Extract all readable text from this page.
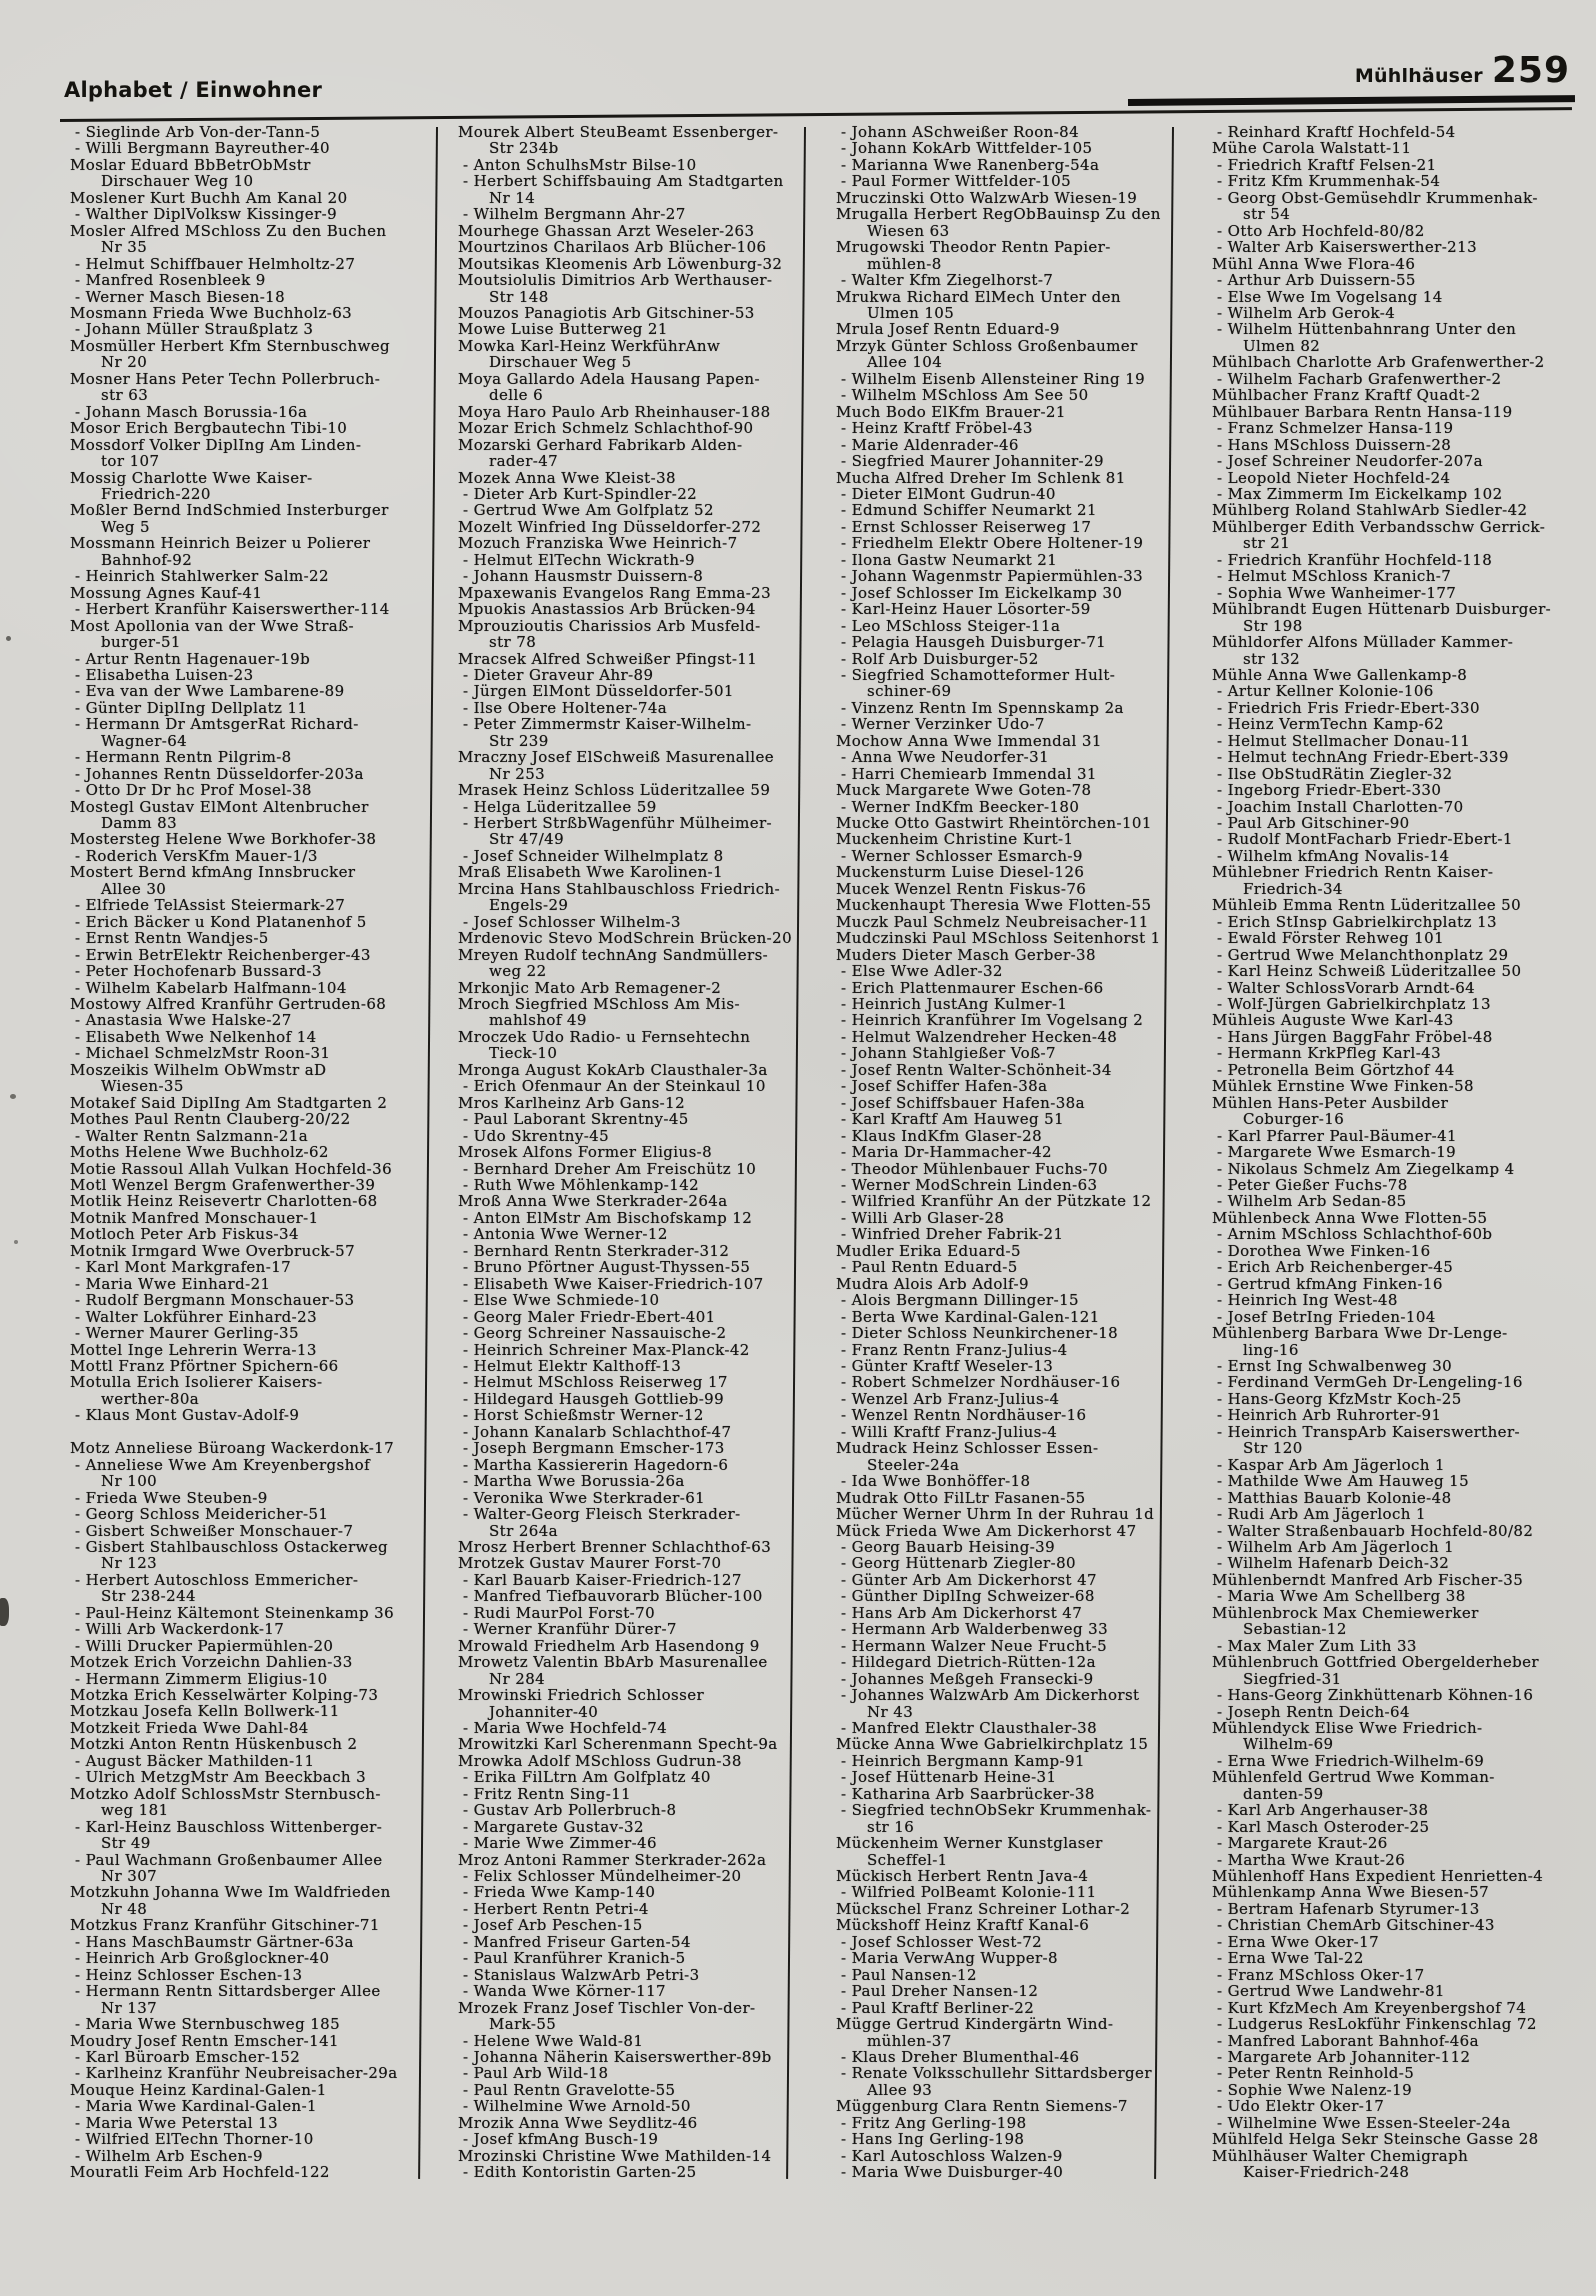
Alphabet / Einwohner
Mühlhäuser 259
- Sieglinde Arb Von-der-Tann-5
- Willi Bergmann Bayreuther-40
Moslar Eduard BbBetrObMstr
Dirschauer Weg 10
Moslener Kurt Buchh Am Kanal 20
- Walther DiplVolksw Kissinger-9
Mosler Alfred MSchloss Zu den Buchen
Nr 35
- Helmut Schiffbauer Helmholtz-27
- Manfred Rosenbleek 9
- Werner Masch Biesen-18
Mosmann Frieda Wwe Buchholz-63
- Johann Müller Straußplatz 3
Mosmüller Herbert Kfm Sternbuschweg
Nr 20
Mosner Hans Peter Techn Pollerbruch-
str 63
- Johann Masch Borussia-16a
Mosor Erich Bergbautechn Tibi-10
Mossdorf Volker DiplIng Am Linden-
tor 107
Mossig Charlotte Wwe Kaiser-
Friedrich-220
Moßler Bernd IndSchmied Insterburger
Weg 5
Mossmann Heinrich Beizer u Polierer
Bahnhof-92
- Heinrich Stahlwerker Salm-22
Mossung Agnes Kauf-41
- Herbert Kranführ Kaiserswerther-114
Most Apollonia van der Wwe Straß-
burger-51
- Artur Rentn Hagenauer-19b
- Elisabetha Luisen-23
- Eva van der Wwe Lambarene-89
- Günter DiplIng Dellplatz 11
- Hermann Dr AmtsgerRat Richard-
Wagner-64
- Hermann Rentn Pilgrim-8
- Johannes Rentn Düsseldorfer-203a
- Otto Dr Dr hc Prof Mosel-38
Mostegl Gustav ElMont Altenbrucher
Damm 83
Mostersteg Helene Wwe Borkhofer-38
- Roderich VersKfm Mauer-1/3
Mostert Bernd kfmAng Innsbrucker
Allee 30
- Elfriede TelAssist Steiermark-27
- Erich Bäcker u Kond Platanenhof 5
- Ernst Rentn Wandjes-5
- Erwin BetrElektr Reichenberger-43
- Peter Hochofenarb Bussard-3
- Wilhelm Kabelarb Halfmann-104
Mostowy Alfred Kranführ Gertruden-68
- Anastasia Wwe Halske-27
- Elisabeth Wwe Nelkenhof 14
- Michael SchmelzMstr Roon-31
Moszeikis Wilhelm ObWmstr aD
Wiesen-35
Motakef Said DiplIng Am Stadtgarten 2
Mothes Paul Rentn Clauberg-20/22
- Walter Rentn Salzmann-21a
Moths Helene Wwe Buchholz-62
Motie Rassoul Allah Vulkan Hochfeld-36
Motl Wenzel Bergm Grafenwerther-39
Motlik Heinz Reisevertr Charlotten-68
Motnik Manfred Monschauer-1
Motloch Peter Arb Fiskus-34
Motnik Irmgard Wwe Overbruck-57
- Karl Mont Markgrafen-17
- Maria Wwe Einhard-21
- Rudolf Bergmann Monschauer-53
- Walter Lokführer Einhard-23
- Werner Maurer Gerling-35
Mottel Inge Lehrerin Werra-13
Mottl Franz Pförtner Spichern-66
Motulla Erich Isolierer Kaisers-
werther-80a
- Klaus Mont Gustav-Adolf-9
Motz Anneliese Büroang Wackerdonk-17
- Anneliese Wwe Am Kreyenbergshof
Nr 100
- Frieda Wwe Steuben-9
- Georg Schloss Meidericher-51
- Gisbert Schweißer Monschauer-7
- Gisbert Stahlbauschloss Ostackerweg
Nr 123
- Herbert Autoschloss Emmericher-
Str 238-244
- Paul-Heinz Kältemont Steinenkamp 36
- Willi Arb Wackerdonk-17
- Willi Drucker Papiermühlen-20
Motzek Erich Vorzeichn Dahlien-33
- Hermann Zimmerm Eligius-10
Motzka Erich Kesselwärter Kolping-73
Motzkau Josefa Kelln Bollwerk-11
Motzkeit Frieda Wwe Dahl-84
Motzki Anton Rentn Hüskenbusch 2
- August Bäcker Mathilden-11
- Ulrich MetzgMstr Am Beeckbach 3
Motzko Adolf SchlossMstr Sternbusch-
weg 181
- Karl-Heinz Bauschloss Wittenberger-
Str 49
- Paul Wachmann Großenbaumer Allee
Nr 307
Motzkuhn Johanna Wwe Im Waldfrieden
Nr 48
Motzkus Franz Kranführ Gitschiner-71
- Hans MaschBaumstr Gärtner-63a
- Heinrich Arb Großglockner-40
- Heinz Schlosser Eschen-13
- Hermann Rentn Sittardsberger Allee
Nr 137
- Maria Wwe Sternbuschweg 185
Moudry Josef Rentn Emscher-141
- Karl Büroarb Emscher-152
- Karlheinz Kranführ Neubreisacher-29a
Mouque Heinz Kardinal-Galen-1
- Maria Wwe Kardinal-Galen-1
- Maria Wwe Peterstal 13
- Wilfried ElTechn Thorner-10
- Wilhelm Arb Eschen-9
Mouratli Feim Arb Hochfeld-122
Mourek Albert SteuBeamt Essenberger-
Str 234b
- Anton SchulhsMstr Bilse-10
- Herbert Schiffsbauing Am Stadtgarten
Nr 14
- Wilhelm Bergmann Ahr-27
Mourhege Ghassan Arzt Weseler-263
Mourtzinos Charilaos Arb Blücher-106
Moutsikas Kleomenis Arb Löwenburg-32
Moutsiolulis Dimitrios Arb Werthauser-
Str 148
Mouzos Panagiotis Arb Gitschiner-53
Mowe Luise Butterweg 21
Mowka Karl-Heinz WerkführAnw
Dirschauer Weg 5
Moya Gallardo Adela Hausang Papen-
delle 6
Moya Haro Paulo Arb Rheinhauser-188
Mozar Erich Schmelz Schlachthof-90
Mozarski Gerhard Fabrikarb Alden-
rader-47
Mozek Anna Wwe Kleist-38
- Dieter Arb Kurt-Spindler-22
- Gertrud Wwe Am Golfplatz 52
Mozelt Winfried Ing Düsseldorfer-272
Mozuch Franziska Wwe Heinrich-7
- Helmut ElTechn Wickrath-9
- Johann Hausmstr Duissern-8
Mpaxewanis Evangelos Rang Emma-23
Mpuokis Anastassios Arb Brücken-94
Mprouzioutis Charissios Arb Musfeld-
str 78
Mracsek Alfred Schweißer Pfingst-11
- Dieter Graveur Ahr-89
- Jürgen ElMont Düsseldorfer-501
- Ilse Obere Holtener-74a
- Peter Zimmermstr Kaiser-Wilhelm-
Str 239
Mraczny Josef ElSchweiß Masurenallee
Nr 253
Mrasek Heinz Schloss Lüderitzallee 59
- Helga Lüderitzallee 59
- Herbert StrßbWagenführ Mülheimer-
Str 47/49
- Josef Schneider Wilhelmplatz 8
Mraß Elisabeth Wwe Karolinen-1
Mrcina Hans Stahlbauschloss Friedrich-
Engels-29
- Josef Schlosser Wilhelm-3
Mrdenovic Stevo ModSchrein Brücken-20
Mreyen Rudolf technAng Sandmüllers-
weg 22
Mrkonjic Mato Arb Remagener-2
Mroch Siegfried MSchloss Am Mis-
mahlshof 49
Mroczek Udo Radio- u Fernsehtechn
Tieck-10
Mronga August KokArb Clausthaler-3a
- Erich Ofenmaur An der Steinkaul 10
Mros Karlheinz Arb Gans-12
- Paul Laborant Skrentny-45
- Udo Skrentny-45
Mrosek Alfons Former Eligius-8
- Bernhard Dreher Am Freischütz 10
- Ruth Wwe Möhlenkamp-142
Mroß Anna Wwe Sterkrader-264a
- Anton ElMstr Am Bischofskamp 12
- Antonia Wwe Werner-12
- Bernhard Rentn Sterkrader-312
- Bruno Pförtner August-Thyssen-55
- Elisabeth Wwe Kaiser-Friedrich-107
- Else Wwe Schmiede-10
- Georg Maler Friedr-Ebert-401
- Georg Schreiner Nassauische-2
- Heinrich Schreiner Max-Planck-42
- Helmut Elektr Kalthoff-13
- Helmut MSchloss Reiserweg 17
- Hildegard Hausgeh Gottlieb-99
- Horst Schießmstr Werner-12
- Johann Kanalarb Schlachthof-47
- Joseph Bergmann Emscher-173
- Martha Kassiererin Hagedorn-6
- Martha Wwe Borussia-26a
- Veronika Wwe Sterkrader-61
- Walter-Georg Fleisch Sterkrader-
Str 264a
Mrosz Herbert Brenner Schlachthof-63
Mrotzek Gustav Maurer Forst-70
- Karl Bauarb Kaiser-Friedrich-127
- Manfred Tiefbauvorarb Blücher-100
- Rudi MaurPol Forst-70
- Werner Kranführ Dürer-7
Mrowald Friedhelm Arb Hasendong 9
Mrowetz Valentin BbArb Masurenallee
Nr 284
Mrowinski Friedrich Schlosser
Johanniter-40
- Maria Wwe Hochfeld-74
Mrowitzki Karl Scherenmann Specht-9a
Mrowka Adolf MSchloss Gudrun-38
- Erika FilLtrn Am Golfplatz 40
- Fritz Rentn Sing-11
- Gustav Arb Pollerbruch-8
- Margarete Gustav-32
- Marie Wwe Zimmer-46
Mroz Antoni Rammer Sterkrader-262a
- Felix Schlosser Mündelheimer-20
- Frieda Wwe Kamp-140
- Herbert Rentn Petri-4
- Josef Arb Peschen-15
- Manfred Friseur Garten-54
- Paul Kranführer Kranich-5
- Stanislaus WalzwArb Petri-3
- Wanda Wwe Körner-117
Mrozek Franz Josef Tischler Von-der-
Mark-55
- Helene Wwe Wald-81
- Johanna Näherin Kaiserswerther-89b
- Paul Arb Wild-18
- Paul Rentn Gravelotte-55
- Wilhelmine Wwe Arnold-50
Mrozik Anna Wwe Seydlitz-46
- Josef kfmAng Busch-19
Mrozinski Christine Wwe Mathilden-14
- Edith Kontoristin Garten-25
- Johann ASchweißer Roon-84
- Johann KokArb Wittfelder-105
- Marianna Wwe Ranenberg-54a
- Paul Former Wittfelder-105
Mruczinski Otto WalzwArb Wiesen-19
Mrugalla Herbert RegObBauinsp Zu den
Wiesen 63
Mrugowski Theodor Rentn Papier-
mühlen-8
- Walter Kfm Ziegelhorst-7
Mrukwa Richard ElMech Unter den
Ulmen 105
Mrula Josef Rentn Eduard-9
Mrzyk Günter Schloss Großenbaumer
Allee 104
- Wilhelm Eisenb Allensteiner Ring 19
- Wilhelm MSchloss Am See 50
Much Bodo ElKfm Brauer-21
- Heinz Kraftf Fröbel-43
- Marie Aldenrader-46
- Siegfried Maurer Johanniter-29
Mucha Alfred Dreher Im Schlenk 81
- Dieter ElMont Gudrun-40
- Edmund Schiffer Neumarkt 21
- Ernst Schlosser Reiserweg 17
- Friedhelm Elektr Obere Holtener-19
- Ilona Gastw Neumarkt 21
- Johann Wagenmstr Papiermühlen-33
- Josef Schlosser Im Eickelkamp 30
- Karl-Heinz Hauer Lösorter-59
- Leo MSchloss Steiger-11a
- Pelagia Hausgeh Duisburger-71
- Rolf Arb Duisburger-52
- Siegfried Schamotteformer Hult-
schiner-69
- Vinzenz Rentn Im Spennskamp 2a
- Werner Verzinker Udo-7
Mochow Anna Wwe Immendal 31
- Anna Wwe Neudorfer-31
- Harri Chemiearb Immendal 31
Muck Margarete Wwe Goten-78
- Werner IndKfm Beecker-180
Mucke Otto Gastwirt Rheintörchen-101
Muckenheim Christine Kurt-1
- Werner Schlosser Esmarch-9
Muckensturm Luise Diesel-126
Mucek Wenzel Rentn Fiskus-76
Muckenhaupt Theresia Wwe Flotten-55
Muczk Paul Schmelz Neubreisacher-11
Mudczinski Paul MSchloss Seitenhorst 1
Muders Dieter Masch Gerber-38
- Else Wwe Adler-32
- Erich Plattenmaurer Eschen-66
- Heinrich JustAng Kulmer-1
- Heinrich Kranführer Im Vogelsang 2
- Helmut Walzendreher Hecken-48
- Johann Stahlgießer Voß-7
- Josef Rentn Walter-Schönheit-34
- Josef Schiffer Hafen-38a
- Josef Schiffsbauer Hafen-38a
- Karl Kraftf Am Hauweg 51
- Klaus IndKfm Glaser-28
- Maria Dr-Hammacher-42
- Theodor Mühlenbauer Fuchs-70
- Werner ModSchrein Linden-63
- Wilfried Kranführ An der Pützkate 12
- Willi Arb Glaser-28
- Winfried Dreher Fabrik-21
Mudler Erika Eduard-5
- Paul Rentn Eduard-5
Mudra Alois Arb Adolf-9
- Alois Bergmann Dillinger-15
- Berta Wwe Kardinal-Galen-121
- Dieter Schloss Neunkirchener-18
- Franz Rentn Franz-Julius-4
- Günter Kraftf Weseler-13
- Robert Schmelzer Nordhäuser-16
- Wenzel Arb Franz-Julius-4
- Wenzel Rentn Nordhäuser-16
- Willi Kraftf Franz-Julius-4
Mudrack Heinz Schlosser Essen-
Steeler-24a
- Ida Wwe Bonhöffer-18
Mudrak Otto FilLtr Fasanen-55
Mücher Werner Uhrm In der Ruhrau 1d
Mück Frieda Wwe Am Dickerhorst 47
- Georg Bauarb Heising-39
- Georg Hüttenarb Ziegler-80
- Günter Arb Am Dickerhorst 47
- Günther DiplIng Schweizer-68
- Hans Arb Am Dickerhorst 47
- Hermann Arb Walderbenweg 33
- Hermann Walzer Neue Frucht-5
- Hildegard Dietrich-Rütten-12a
- Johannes Meßgeh Fransecki-9
- Johannes WalzwArb Am Dickerhorst
Nr 43
- Manfred Elektr Clausthaler-38
Mücke Anna Wwe Gabrielkirchplatz 15
- Heinrich Bergmann Kamp-91
- Josef Hüttenarb Heine-31
- Katharina Arb Saarbrücker-38
- Siegfried technObSekr Krummenhak-
str 16
Mückenheim Werner Kunstglaser
Scheffel-1
Mückisch Herbert Rentn Java-4
- Wilfried PolBeamt Kolonie-111
Mückschel Franz Schreiner Lothar-2
Mückshoff Heinz Kraftf Kanal-6
- Josef Schlosser West-72
- Maria VerwAng Wupper-8
- Paul Nansen-12
- Paul Dreher Nansen-12
- Paul Kraftf Berliner-22
Mügge Gertrud Kindergärtn Wind-
mühlen-37
- Klaus Dreher Blumenthal-46
- Renate Volksschullehr Sittardsberger
Allee 93
Müggenburg Clara Rentn Siemens-7
- Fritz Ang Gerling-198
- Hans Ing Gerling-198
- Karl Autoschloss Walzen-9
- Maria Wwe Duisburger-40
- Reinhard Kraftf Hochfeld-54
Mühe Carola Walstatt-11
- Friedrich Kraftf Felsen-21
- Fritz Kfm Krummenhak-54
- Georg Obst-Gemüsehdlr Krummenhak-
str 54
- Otto Arb Hochfeld-80/82
- Walter Arb Kaiserswerther-213
Mühl Anna Wwe Flora-46
- Arthur Arb Duissern-55
- Else Wwe Im Vogelsang 14
- Wilhelm Arb Gerok-4
- Wilhelm Hüttenbahnrang Unter den
Ulmen 82
Mühlbach Charlotte Arb Grafenwerther-2
- Wilhelm Facharb Grafenwerther-2
Mühlbacher Franz Kraftf Quadt-2
Mühlbauer Barbara Rentn Hansa-119
- Franz Schmelzer Hansa-119
- Hans MSchloss Duissern-28
- Josef Schreiner Neudorfer-207a
- Leopold Nieter Hochfeld-24
- Max Zimmerm Im Eickelkamp 102
Mühlberg Roland StahlwArb Siedler-42
Mühlberger Edith Verbandsschw Gerrick-
str 21
- Friedrich Kranführ Hochfeld-118
- Helmut MSchloss Kranich-7
- Sophia Wwe Wanheimer-177
Mühlbrandt Eugen Hüttenarb Duisburger-
Str 198
Mühldorfer Alfons Müllader Kammer-
str 132
Mühle Anna Wwe Gallenkamp-8
- Artur Kellner Kolonie-106
- Friedrich Fris Friedr-Ebert-330
- Heinz VermTechn Kamp-62
- Helmut Stellmacher Donau-11
- Helmut technAng Friedr-Ebert-339
- Ilse ObStudRätin Ziegler-32
- Ingeborg Friedr-Ebert-330
- Joachim Install Charlotten-70
- Paul Arb Gitschiner-90
- Rudolf MontFacharb Friedr-Ebert-1
- Wilhelm kfmAng Novalis-14
Mühlebner Friedrich Rentn Kaiser-
Friedrich-34
Mühleib Emma Rentn Lüderitzallee 50
- Erich StInsp Gabrielkirchplatz 13
- Ewald Förster Rehweg 101
- Gertrud Wwe Melanchthonplatz 29
- Karl Heinz Schweiß Lüderitzallee 50
- Walter SchlossVorarb Arndt-64
- Wolf-Jürgen Gabrielkirchplatz 13
Mühleis Auguste Wwe Karl-43
- Hans Jürgen BaggFahr Fröbel-48
- Hermann KrkPfleg Karl-43
- Petronella Beim Görtzhof 44
Mühlek Ernstine Wwe Finken-58
Mühlen Hans-Peter Ausbilder
Coburger-16
- Karl Pfarrer Paul-Bäumer-41
- Margarete Wwe Esmarch-19
- Nikolaus Schmelz Am Ziegelkamp 4
- Peter Gießer Fuchs-78
- Wilhelm Arb Sedan-85
Mühlenbeck Anna Wwe Flotten-55
- Arnim MSchloss Schlachthof-60b
- Dorothea Wwe Finken-16
- Erich Arb Reichenberger-45
- Gertrud kfmAng Finken-16
- Heinrich Ing West-48
- Josef BetrIng Frieden-104
Mühlenberg Barbara Wwe Dr-Lenge-
ling-16
- Ernst Ing Schwalbenweg 30
- Ferdinand VermGeh Dr-Lengeling-16
- Hans-Georg KfzMstr Koch-25
- Heinrich Arb Ruhrorter-91
- Heinrich TranspArb Kaiserswerther-
Str 120
- Kaspar Arb Am Jägerloch 1
- Mathilde Wwe Am Hauweg 15
- Matthias Bauarb Kolonie-48
- Rudi Arb Am Jägerloch 1
- Walter Straßenbauarb Hochfeld-80/82
- Wilhelm Arb Am Jägerloch 1
- Wilhelm Hafenarb Deich-32
Mühlenberndt Manfred Arb Fischer-35
- Maria Wwe Am Schellberg 38
Mühlenbrock Max Chemiewerker
Sebastian-12
- Max Maler Zum Lith 33
Mühlenbruch Gottfried Obergelderheber
Siegfried-31
- Hans-Georg Zinkhüttenarb Köhnen-16
- Joseph Rentn Deich-64
Mühlendyck Elise Wwe Friedrich-
Wilhelm-69
- Erna Wwe Friedrich-Wilhelm-69
Mühlenfeld Gertrud Wwe Komman-
danten-59
- Karl Arb Angerhauser-38
- Karl Masch Osteroder-25
- Margarete Kraut-26
- Martha Wwe Kraut-26
Mühlenhoff Hans Expedient Henrietten-4
Mühlenkamp Anna Wwe Biesen-57
- Bertram Hafenarb Styrumer-13
- Christian ChemArb Gitschiner-43
- Erna Wwe Oker-17
- Erna Wwe Tal-22
- Franz MSchloss Oker-17
- Gertrud Wwe Landwehr-81
- Kurt KfzMech Am Kreyenbergshof 74
- Ludgerus ResLokführ Finkenschlag 72
- Manfred Laborant Bahnhof-46a
- Margarete Arb Johanniter-112
- Peter Rentn Reinhold-5
- Sophie Wwe Nalenz-19
- Udo Elektr Oker-17
- Wilhelmine Wwe Essen-Steeler-24a
Mühlfeld Helga Sekr Steinsche Gasse 28
Mühlhäuser Walter Chemigraph
Kaiser-Friedrich-248
